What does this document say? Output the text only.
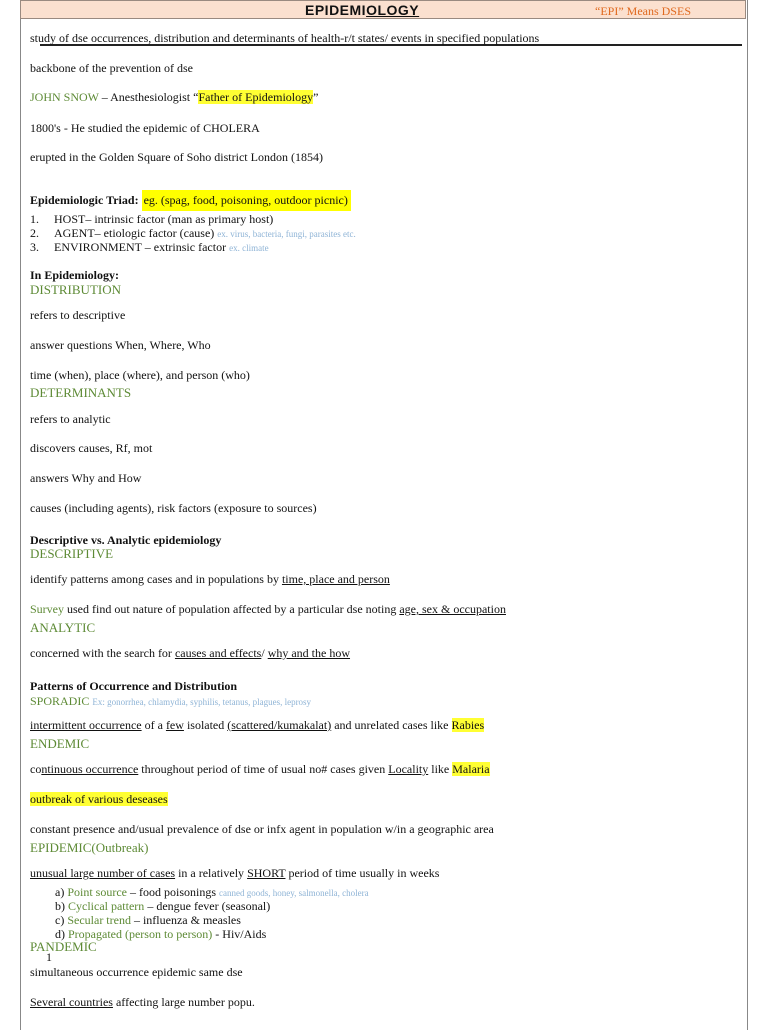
EPIDEMIOLOGY	“EPI” Means DSES
study of dse occurrences, distribution and determinants of health-r/t states/ events in specified populations
backbone of the prevention of dse
JOHN SNOW – Anesthesiologist “Father of Epidemiology”
1800's - He studied the epidemic of CHOLERA
erupted in the Golden Square of Soho district London (1854)
Epidemiologic Triad: eg. (spag, food, poisoning, outdoor picnic)
1. HOST– intrinsic factor (man as primary host)
2. AGENT– etiologic factor (cause) ex. virus, bacteria, fungi, parasites etc.
3. ENVIRONMENT – extrinsic factor ex. climate
In Epidemiology:
DISTRIBUTION
refers to descriptive
answer questions When, Where, Who
time (when), place (where), and person (who)
DETERMINANTS
refers to analytic
discovers causes, Rf, mot
answers Why and How
causes (including agents), risk factors (exposure to sources)
Descriptive vs. Analytic epidemiology
DESCRIPTIVE
identify patterns among cases and in populations by time, place and person
Survey used find out nature of population affected by a particular dse noting age, sex & occupation
ANALYTIC
concerned with the search for causes and effects/ why and the how
Patterns of Occurrence and Distribution
SPORADIC Ex: gonorrhea, chlamydia, syphilis, tetanus, plagues, leprosy
intermittent occurrence of a few isolated (scattered/kumakalat) and unrelated cases like Rabies
ENDEMIC
continuous occurrence throughout period of time of usual no# cases given Locality like Malaria
outbreak of various deseases
constant presence and/usual prevalence of dse or infx agent in population w/in a geographic area
EPIDEMIC(Outbreak)
unusual large number of cases in a relatively SHORT period of time usually in weeks
a) Point source – food poisonings canned goods, honey, salmonella, cholera
b) Cyclical pattern – dengue fever (seasonal)
c) Secular trend – influenza & measles
d) Propagated (person to person) - Hiv/Aids
PANDEMIC
1
simultaneous occurrence epidemic same dse
Several countries affecting large number popu.
